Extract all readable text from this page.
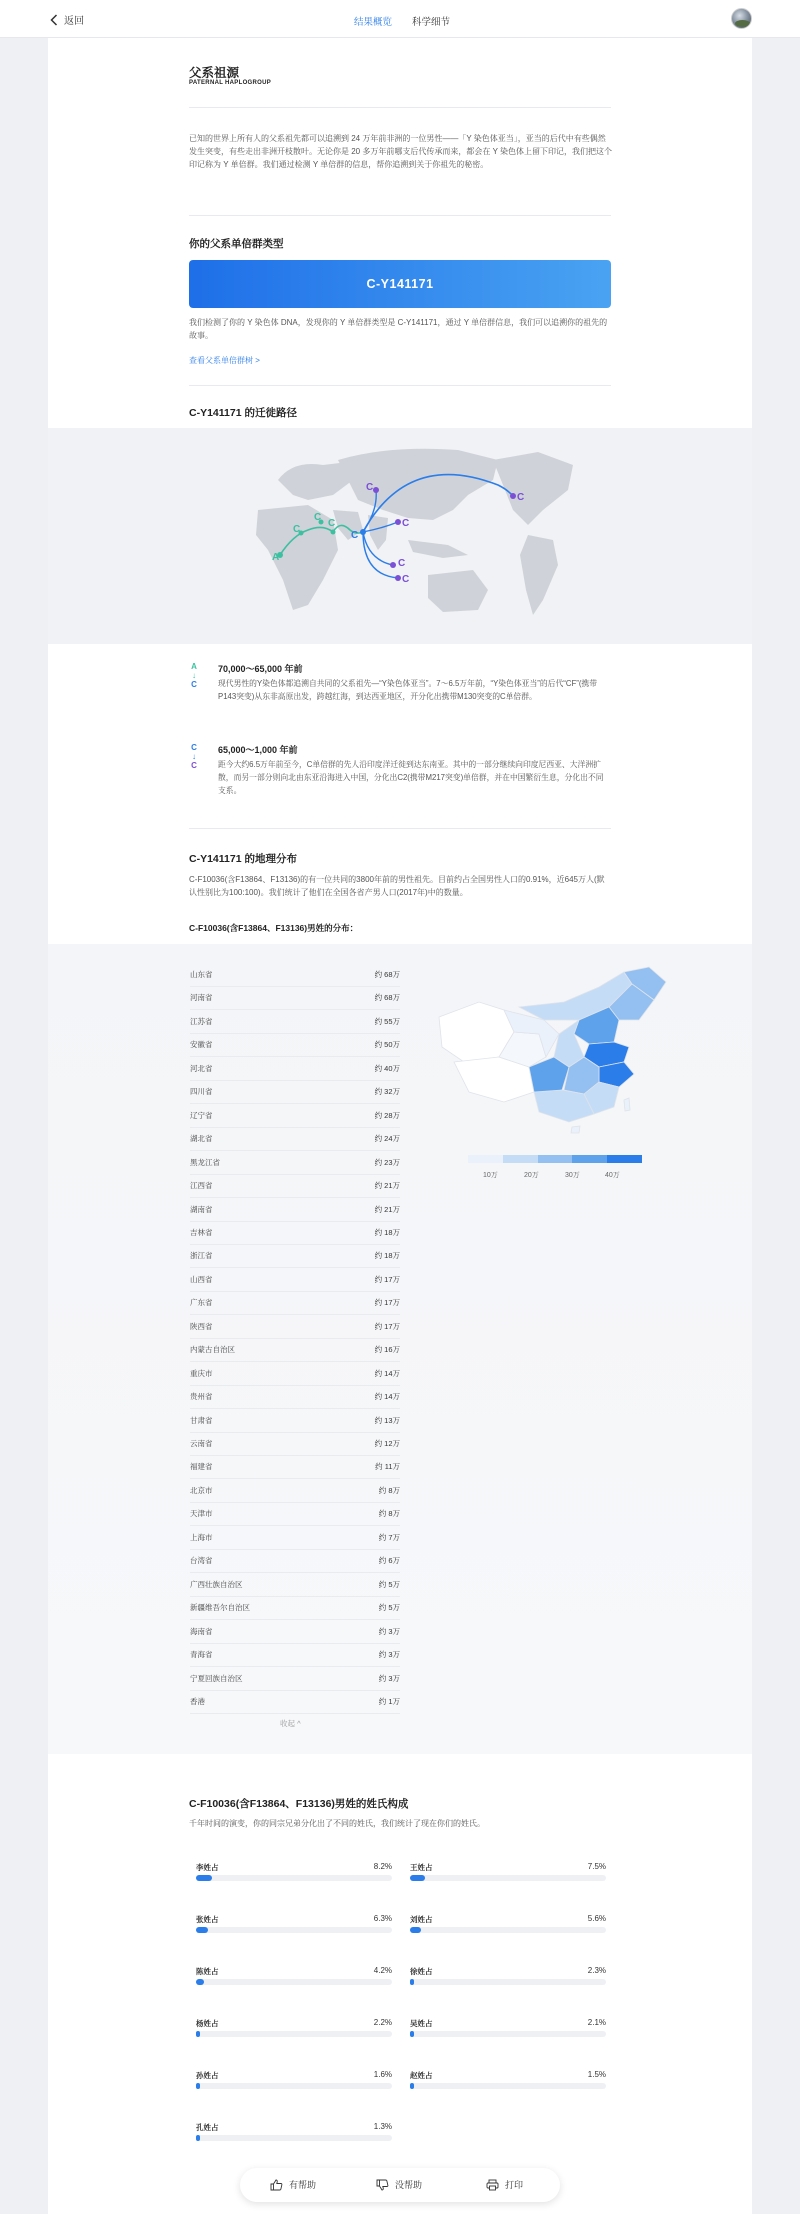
返回	结果概览 科学细节
父系祖源
PATERNAL HAPLOGROUP

已知的世界上所有人的父系祖先都可以追溯到 24 万年前非洲的一位男性——「Y 染色体亚当」，亚当的后代中有些偶然发生突变，有些走出非洲开枝散叶。无论你是 20 多万年前哪支后代传承而来，都会在 Y 染色体上留下印记，我们把这个印记称为 Y 单倍群。我们通过检测 Y 单倍群的信息，帮你追溯到关于你祖先的秘密。

你的父系单倍群类型
C-Y141171

我们检测了你的 Y 染色体 DNA，发现你的 Y 单倍群类型是 C-Y141171，通过 Y 单倍群信息，我们可以追溯你的祖先的故事。

查看父系单倍群树 >
C-Y141171 的迁徙路径
A
C
C
C
C
C
C
C
C
C
A
↓
C
70,000～65,000 年前
现代男性的Y染色体都追溯自共同的父系祖先—“Y染色体亚当”。7～6.5万年前，“Y染色体亚当”的后代“CF”(携带P143突变)从东非高原出发，跨越红海，到达西亚地区，开分化出携带M130突变的C单倍群。
C
↓
C
65,000～1,000 年前
距今大约6.5万年前至今，C单倍群的先人沿印度洋迁徙到达东南亚。其中的一部分继续向印度尼西亚、大洋洲扩散，而另一部分则向北由东亚沿海进入中国，分化出C2(携带M217突变)单倍群，并在中国繁衍生息，分化出不同支系。
C-Y141171 的地理分布

C-F10036(含F13864、F13136)的有一位共同的3800年前的男性祖先。目前约占全国男性人口的0.91%，近645万人(默认性别比为100:100)。我们统计了他们在全国各省产男人口(2017年)中的数量。

C-F10036(含F13864、F13136)男姓的分布：
山东省	约 68万
河南省	约 68万
江苏省	约 55万
安徽省	约 50万
河北省	约 40万
四川省	约 32万
辽宁省	约 28万
湖北省	约 24万
黑龙江省	约 23万
江西省	约 21万
湖南省	约 21万
吉林省	约 18万
浙江省	约 18万
山西省	约 17万
广东省	约 17万
陕西省	约 17万
内蒙古自治区	约 16万
重庆市	约 14万
贵州省	约 14万
甘肃省	约 13万
云南省	约 12万
福建省	约 11万
北京市	约 8万
天津市	约 8万
上海市	约 7万
台湾省	约 6万
广西壮族自治区	约 5万
新疆维吾尔自治区	约 5万
海南省	约 3万
青海省	约 3万
宁夏回族自治区	约 3万
香港	约 1万
收起 ^
10万	20万	30万	40万
C-F10036(含F13864、F13136)男姓的姓氏构成

千年时间的演变，你的同宗兄弟分化出了不同的姓氏，我们统计了现在你们的姓氏。

李姓占	8.2% 王姓占	7.5%
张姓占	6.3% 刘姓占	5.6%
陈姓占	4.2% 徐姓占	2.3%
杨姓占	2.2% 吴姓占	2.1%
孙姓占	1.6% 赵姓占	1.5%
孔姓占	1.3%
有帮助	没帮助	打印
